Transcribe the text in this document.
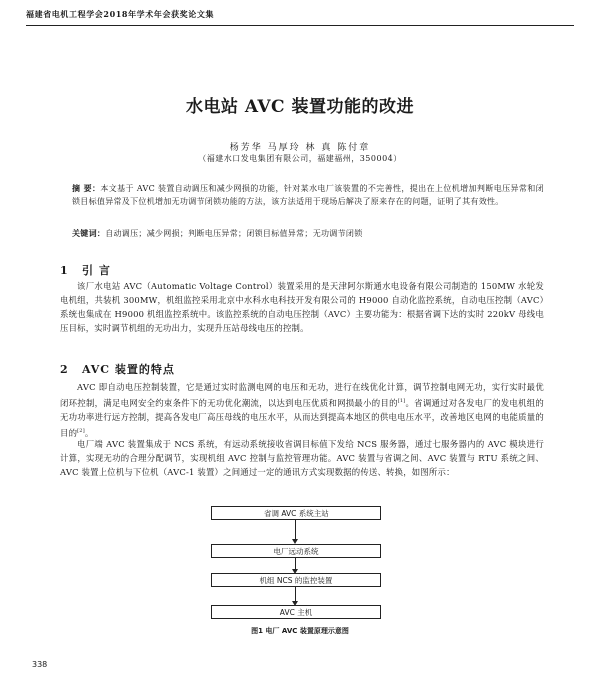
福建省电机工程学会2018年学术年会获奖论文集
水电站 AVC 装置功能的改进
杨芳华 马厚玲 林 真 陈付章
（福建水口发电集团有限公司，福建福州，350004）
摘 要：本文基于 AVC 装置自动调压和减少网损的功能，针对某水电厂该装置的不完善性，提出在上位机增加判断电压异常和闭锁目标值异常及下位机增加无功调节闭锁功能的方法，该方法适用于现场后解决了原来存在的问题，证明了其有效性。
关键词：自动调压；减少网损；判断电压异常；闭锁目标值异常；无功调节闭锁
1 引 言
该厂水电站 AVC（Automatic Voltage Control）装置采用的是天津阿尔斯通水电设备有限公司制造的 150MW 水轮发电机组，共装机 300MW，机组监控采用北京中水科水电科技开发有限公司的 H9000 自动化监控系统，自动电压控制（AVC）系统也集成在 H9000 机组监控系统中。该监控系统的自动电压控制（AVC）主要功能为：根据省调下达的实时 220kV 母线电压目标，实时调节机组的无功出力，实现升压站母线电压的控制。
2 AVC 装置的特点
AVC 即自动电压控制装置，它是通过实时监测电网的电压和无功，进行在线优化计算，调节控制电网无功，实行实时最优闭环控制，满足电网安全约束条件下的无功优化潮流，以达到电压优质和网损最小的目的[1]。省调通过对各发电厂的发电机组的无功功率进行远方控制，提高各发电厂高压母线的电压水平，从而达到提高本地区的供电电压水平，改善地区电网的电能质量的目的[2]。
电厂端 AVC 装置集成于 NCS 系统，有远动系统接收省调目标值下发给 NCS 服务器，通过七服务器内的 AVC 模块进行计算，实现无功的合理分配调节，实现机组 AVC 控制与监控管理功能。AVC 装置与省调之间、AVC 装置与 RTU 系统之间、AVC 装置上位机与下位机（AVC-1 装置）之间通过一定的通讯方式实现数据的传送、转换，如图所示：
省调 AVC 系统主站
电厂远动系统
机组 NCS 的监控装置
AVC 主机
图1 电厂 AVC 装置原理示意图
338
